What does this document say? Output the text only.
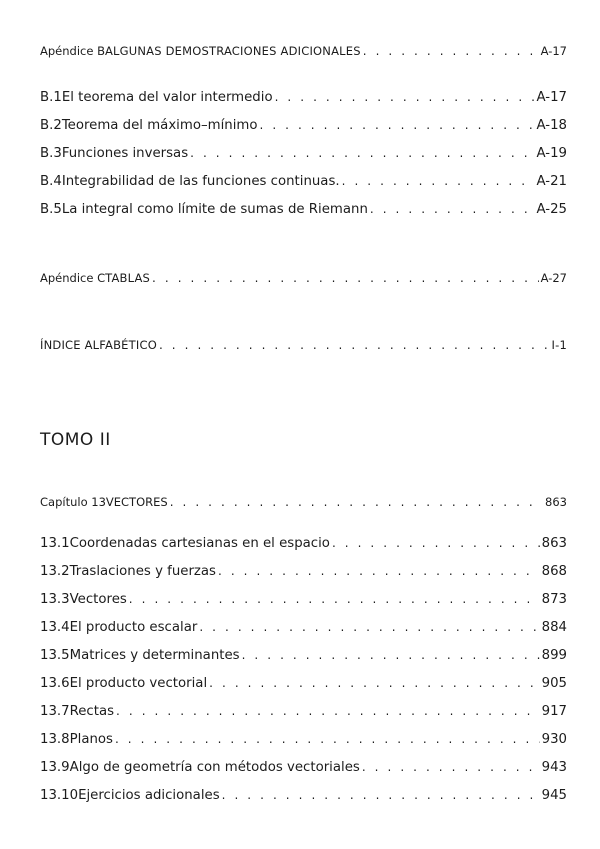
Apéndice B ALGUNAS DEMOSTRACIONES ADICIONALES . . .	A-17
B.1 El teorema del valor intermedio . . .	A-17
B.2 Teorema del máximo–mínimo . . .	A-18
B.3 Funciones inversas . . .	A-19
B.4 Integrabilidad de las funciones continuas. . . .	A-21
B.5 La integral como límite de sumas de Riemann . . .	A-25
Apéndice C TABLAS . . .	A-27
ÍNDICE ALFABÉTICO . . .	I-1
TOMO II
Capítulo 13 VECTORES . . .	863
13.1 Coordenadas cartesianas en el espacio . . .	863
13.2 Traslaciones y fuerzas . . .	868
13.3 Vectores . . .	873
13.4 El producto escalar . . .	884
13.5 Matrices y determinantes . . .	899
13.6 El producto vectorial . . .	905
13.7 Rectas . . .	917
13.8 Planos . . .	930
13.9 Algo de geometría con métodos vectoriales . . .	943
13.10 Ejercicios adicionales . . .	945
